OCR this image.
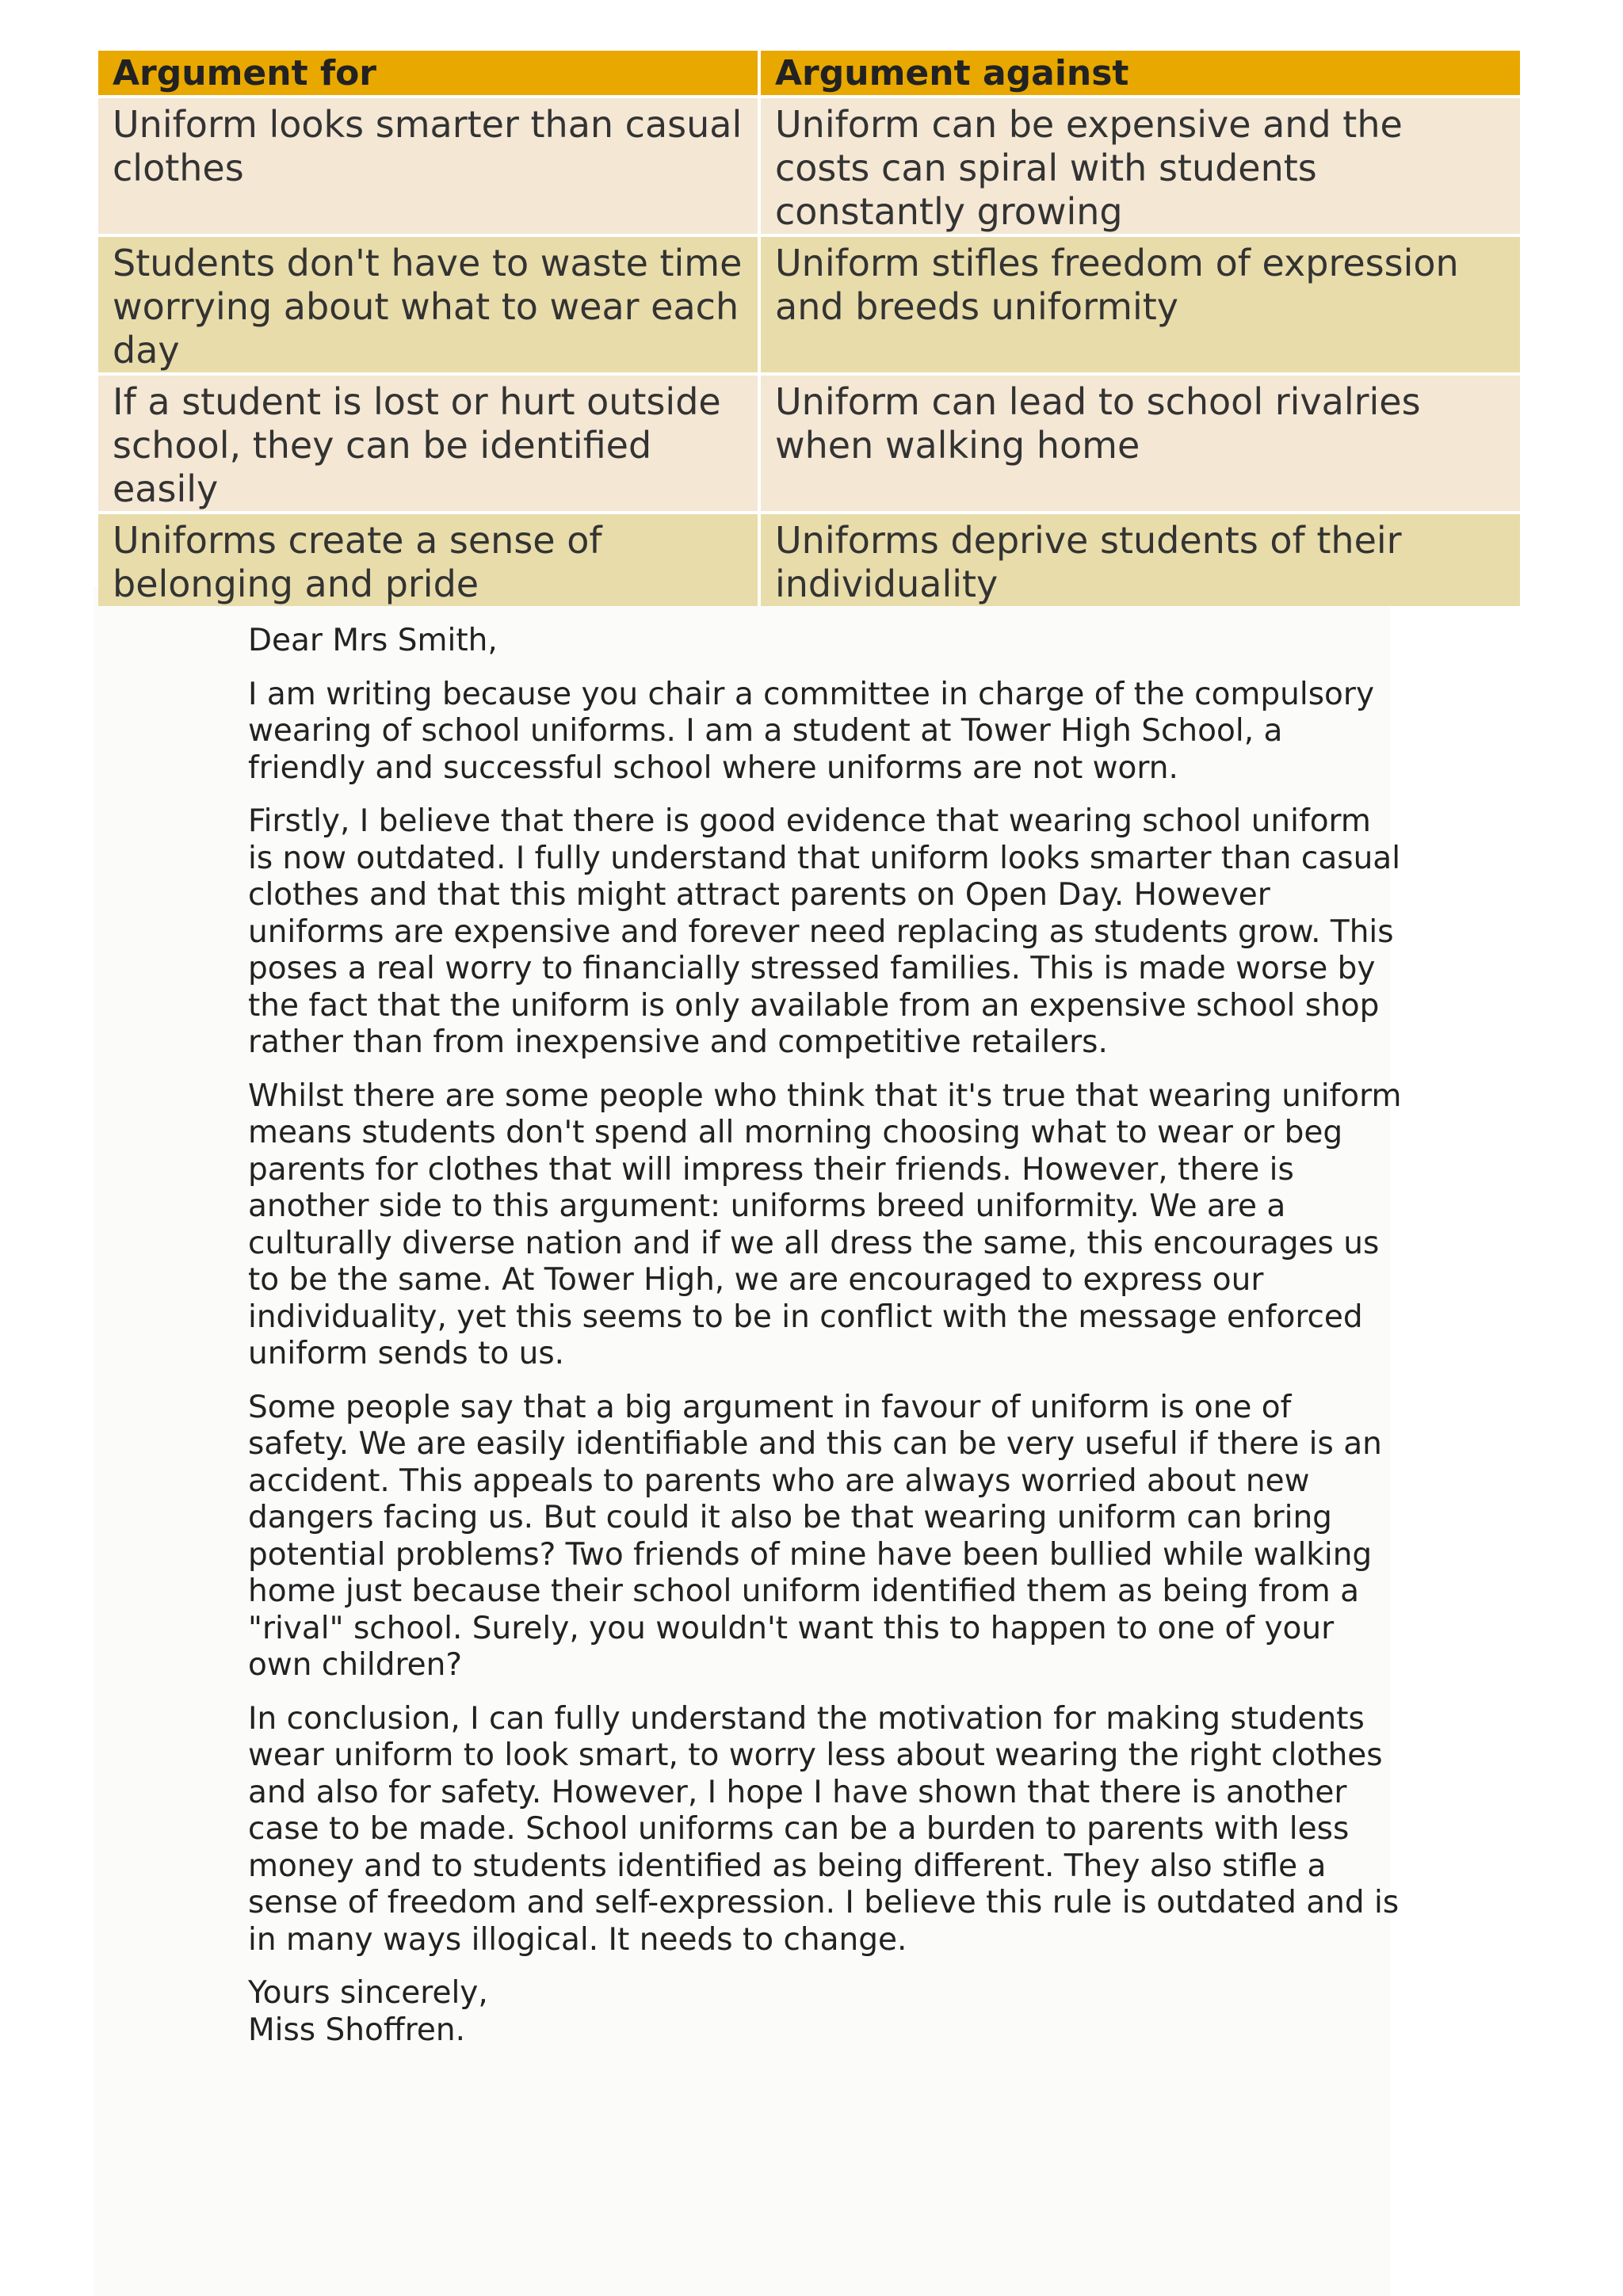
Argument for	Argument against
Uniform looks smarter than casual clothes	Uniform can be expensive and the costs can spiral with students constantly growing
Students don't have to waste time worrying about what to wear each day	Uniform stifles freedom of expression and breeds uniformity
If a student is lost or hurt outside school, they can be identified easily	Uniform can lead to school rivalries when walking home
Uniforms create a sense of belonging and pride	Uniforms deprive students of their individuality

Dear Mrs Smith,

I am writing because you chair a committee in charge of the compulsory
wearing of school uniforms. I am a student at Tower High School, a
friendly and successful school where uniforms are not worn.

Firstly, I believe that there is good evidence that wearing school uniform
is now outdated. I fully understand that uniform looks smarter than casual
clothes and that this might attract parents on Open Day. However
uniforms are expensive and forever need replacing as students grow. This
poses a real worry to financially stressed families. This is made worse by
the fact that the uniform is only available from an expensive school shop
rather than from inexpensive and competitive retailers.

Whilst there are some people who think that it's true that wearing uniform
means students don't spend all morning choosing what to wear or beg
parents for clothes that will impress their friends. However, there is
another side to this argument: uniforms breed uniformity. We are a
culturally diverse nation and if we all dress the same, this encourages us
to be the same. At Tower High, we are encouraged to express our
individuality, yet this seems to be in conflict with the message enforced
uniform sends to us.

Some people say that a big argument in favour of uniform is one of
safety. We are easily identifiable and this can be very useful if there is an
accident. This appeals to parents who are always worried about new
dangers facing us. But could it also be that wearing uniform can bring
potential problems? Two friends of mine have been bullied while walking
home just because their school uniform identified them as being from a
"rival" school. Surely, you wouldn't want this to happen to one of your
own children?

In conclusion, I can fully understand the motivation for making students
wear uniform to look smart, to worry less about wearing the right clothes
and also for safety. However, I hope I have shown that there is another
case to be made. School uniforms can be a burden to parents with less
money and to students identified as being different. They also stifle a
sense of freedom and self-expression. I believe this rule is outdated and is
in many ways illogical. It needs to change.

Yours sincerely,
Miss Shoffren.
